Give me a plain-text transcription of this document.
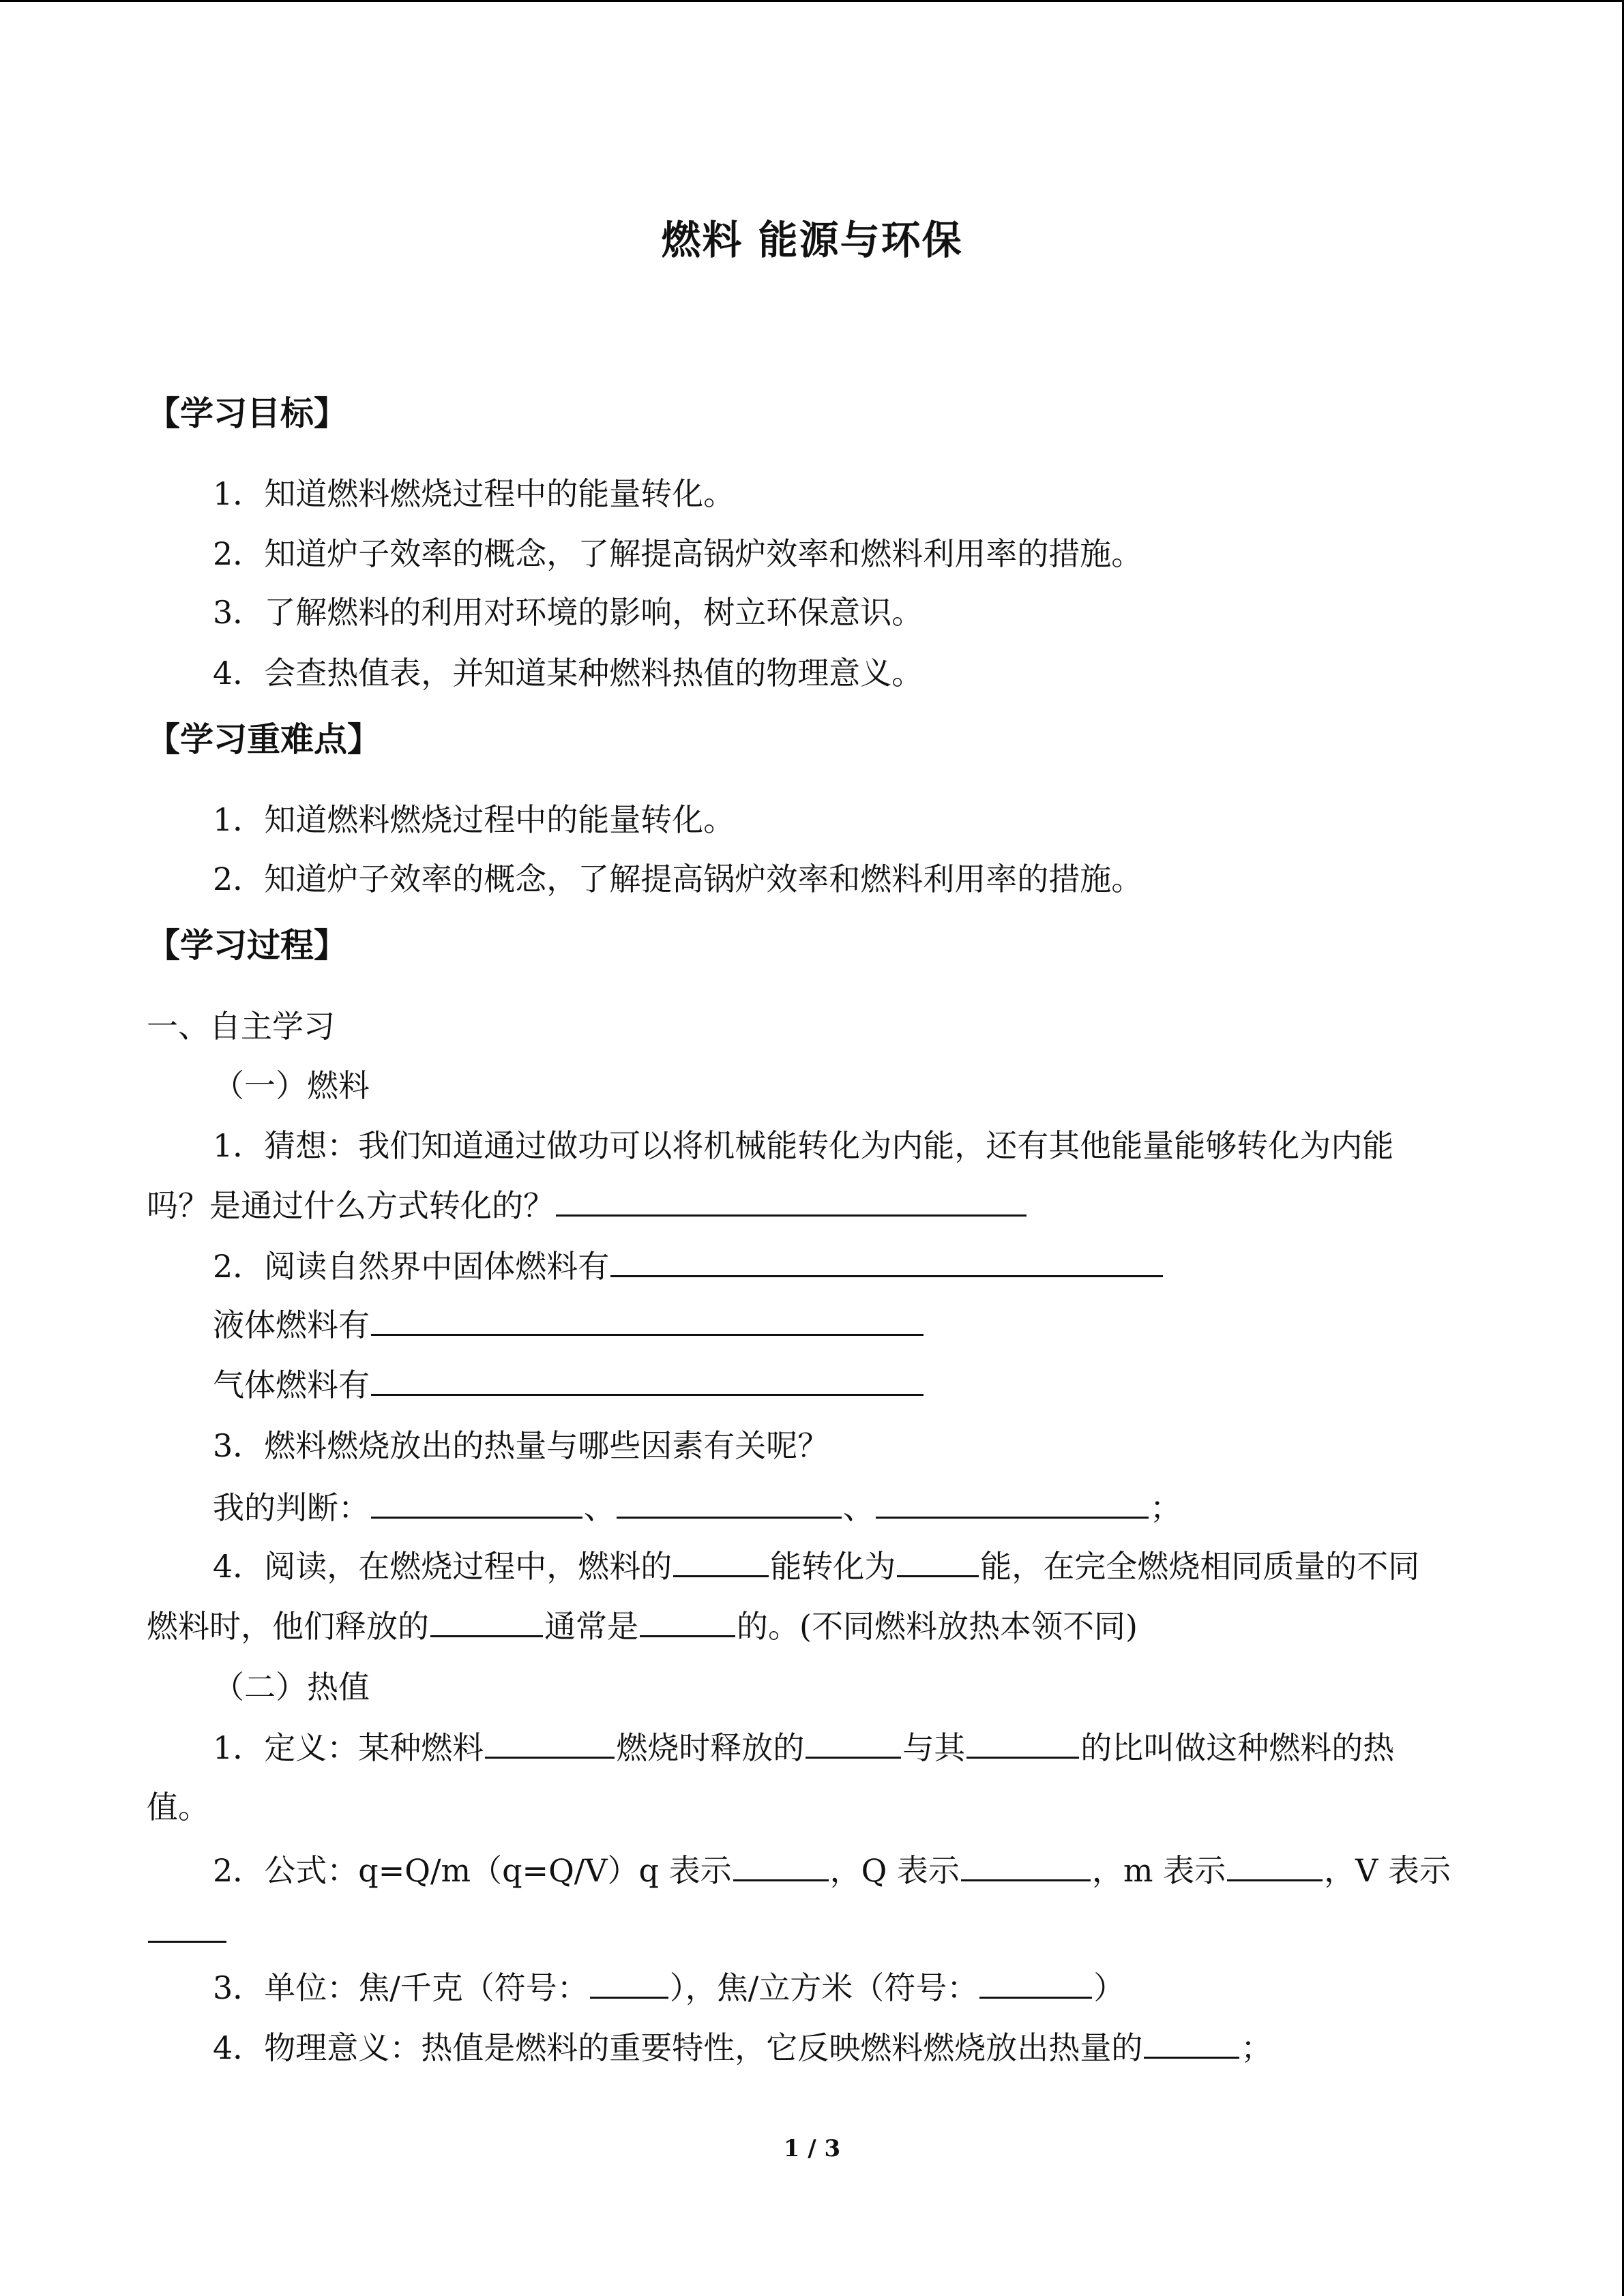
燃料 能源与环保
【学习目标】
1．知道燃料燃烧过程中的能量转化。
2．知道炉子效率的概念，了解提高锅炉效率和燃料利用率的措施。
3．了解燃料的利用对环境的影响，树立环保意识。
4．会查热值表，并知道某种燃料热值的物理意义。
【学习重难点】
1．知道燃料燃烧过程中的能量转化。
2．知道炉子效率的概念，了解提高锅炉效率和燃料利用率的措施。
【学习过程】
一、自主学习
（一）燃料
1．猜想：我们知道通过做功可以将机械能转化为内能，还有其他能量能够转化为内能
吗？是通过什么方式转化的？
2．阅读自然界中固体燃料有
液体燃料有
气体燃料有
3．燃料燃烧放出的热量与哪些因素有关呢？
我的判断：	、	、	；
4．阅读，在燃烧过程中，燃料的	能转化为	能，在完全燃烧相同质量的不同
燃料时，他们释放的	通常是	的。(不同燃料放热本领不同)
（二）热值
1．定义：某种燃料	燃烧时释放的	与其	的比叫做这种燃料的热
值。
2．公式：q=Q/m（q=Q/V）q 表示	，Q 表示	，m 表示	，V 表示
3．单位：焦/千克（符号：	），焦/立方米（符号：	）
4．物理意义：热值是燃料的重要特性，它反映燃料燃烧放出热量的	；
1 / 3
